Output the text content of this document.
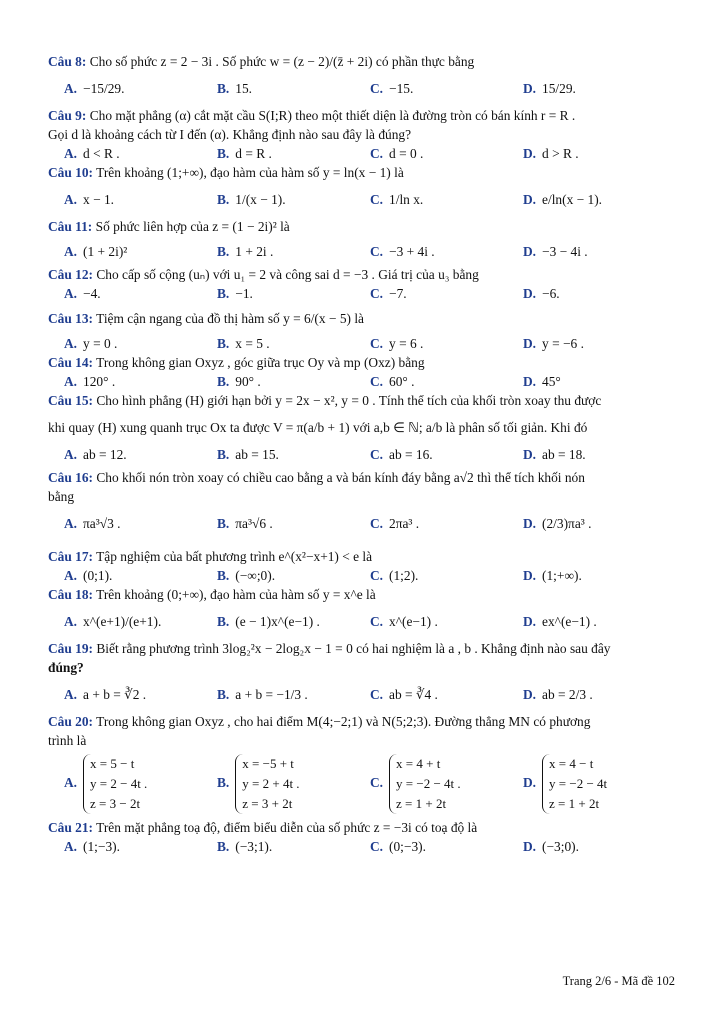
Câu 8: Cho số phức z = 2 − 3i . Số phức w = (z − 2)/(z̄ + 2i) có phần thực bằng

A. −15/29.	B. 15.	C. −15.	D. 15/29.

Câu 9: Cho mặt phẳng (α) cắt mặt cầu S(I;R) theo một thiết diện là đường tròn có bán kính r = R .

Gọi d là khoảng cách từ I đến (α). Khẳng định nào sau đây là đúng?

A. d < R .	B. d = R .	C. d = 0 .	D. d > R .

Câu 10: Trên khoảng (1;+∞), đạo hàm của hàm số y = ln(x − 1) là

A. x − 1.	B. 1/(x − 1).	C. 1/ln x.	D. e/ln(x − 1).

Câu 11: Số phức liên hợp của z = (1 − 2i)² là

A. (1 + 2i)²	B. 1 + 2i .	C. −3 + 4i .	D. −3 − 4i .

Câu 12: Cho cấp số cộng (uₙ) với u₁ = 2 và công sai d = −3 . Giá trị của u₃ bằng

A. −4.	B. −1.	C. −7.	D. −6.

Câu 13: Tiệm cận ngang của đồ thị hàm số y = 6/(x − 5) là

A. y = 0 .	B. x = 5 .	C. y = 6 .	D. y = −6 .

Câu 14: Trong không gian Oxyz , góc giữa trục Oy và mp (Oxz) bằng

A. 120° .	B. 90° .	C. 60° .	D. 45°

Câu 15: Cho hình phẳng (H) giới hạn bởi y = 2x − x², y = 0 . Tính thể tích của khối tròn xoay thu được

khi quay (H) xung quanh trục Ox ta được V = π(a/b + 1) với a,b ∈ ℕ; a/b là phân số tối giản. Khi đó

A. ab = 12.	B. ab = 15.	C. ab = 16.	D. ab = 18.

Câu 16: Cho khối nón tròn xoay có chiều cao bằng a và bán kính đáy bằng a√2 thì thể tích khối nón

bằng

A. πa³√3 .	B. πa³√6 .	C. 2πa³ .	D. (2/3)πa³ .

Câu 17: Tập nghiệm của bất phương trình e^(x²−x+1) < e là

A. (0;1).	B. (−∞;0).	C. (1;2).	D. (1;+∞).

Câu 18: Trên khoảng (0;+∞), đạo hàm của hàm số y = x^e là

A. x^(e+1)/(e+1).	B. (e − 1)x^(e−1) .	C. x^(e−1) .	D. ex^(e−1) .

Câu 19: Biết rằng phương trình 3log₂²x − 2log₂x − 1 = 0 có hai nghiệm là a , b . Khẳng định nào sau đây

đúng?

A. a + b = ∛2 .	B. a + b = −1/3 .	C. ab = ∛4 .	D. ab = 2/3 .

Câu 20: Trong không gian Oxyz , cho hai điểm M(4;−2;1) và N(5;2;3). Đường thẳng MN có phương

trình là

A.
x = 5 − t
y = 2 − 4t .
z = 3 − 2t
B.
x = −5 + t
y = 2 + 4t .
z = 3 + 2t
C.
x = 4 + t
y = −2 − 4t .
z = 1 + 2t
D.
x = 4 − t
y = −2 − 4t
z = 1 + 2t

Câu 21: Trên mặt phẳng toạ độ, điểm biểu diễn của số phức z = −3i có toạ độ là

A. (1;−3).	B. (−3;1).	C. (0;−3).	D. (−3;0).
Trang 2/6 - Mã đề 102
